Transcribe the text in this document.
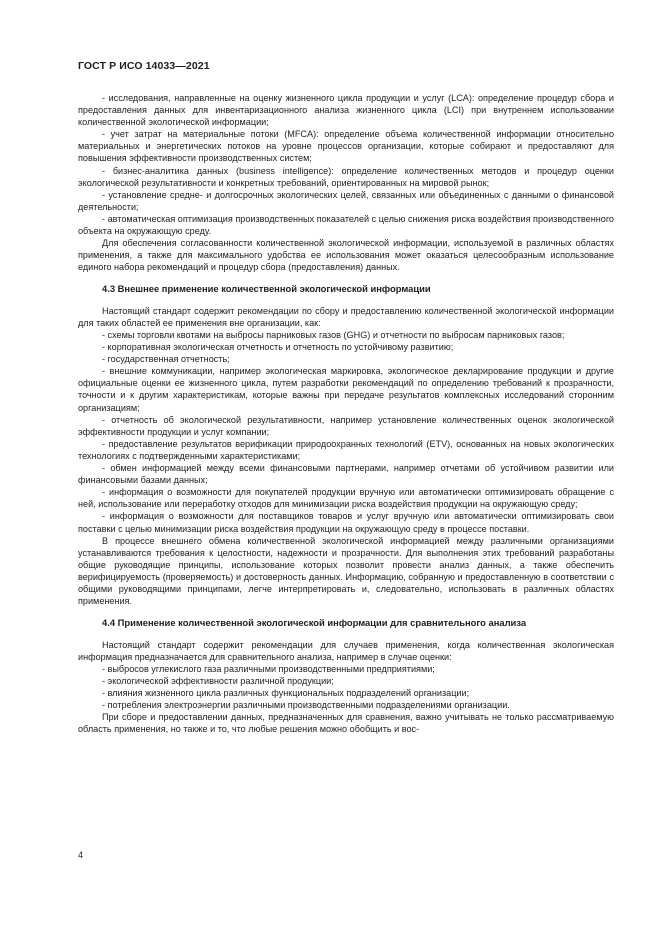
ГОСТ Р ИСО 14033—2021

- исследования, направленные на оценку жизненного цикла продукции и услуг (LCA): определение процедур сбора и предоставления данных для инвентаризационного анализа жизненного цикла (LCI) при внутреннем использовании количественной экологической информации;

- учет затрат на материальные потоки (MFCA): определение объема количественной информации относительно материальных и энергетических потоков на уровне процессов организации, которые собирают и предоставляют для повышения эффективности производственных систем;

- бизнес-аналитика данных (business intelligence): определение количественных методов и процедур оценки экологической результативности и конкретных требований, ориентированных на мировой рынок;

- установление средне- и долгосрочных экологических целей, связанных или объединенных с данными о финансовой деятельности;

- автоматическая оптимизация производственных показателей с целью снижения риска воздействия производственного объекта на окружающую среду.

Для обеспечения согласованности количественной экологической информации, используемой в различных областях применения, а также для максимального удобства ее использования может оказаться целесообразным использование единого набора рекомендаций и процедур сбора (предоставления) данных.

4.3 Внешнее применение количественной экологической информации

Настоящий стандарт содержит рекомендации по сбору и предоставлению количественной экологической информации для таких областей ее применения вне организации, как:

- схемы торговли квотами на выбросы парниковых газов (GHG) и отчетности по выбросам парниковых газов;

- корпоративная экологическая отчетность и отчетность по устойчивому развитию;

- государственная отчетность;

- внешние коммуникации, например экологическая маркировка, экологическое декларирование продукции и другие официальные оценки ее жизненного цикла, путем разработки рекомендаций по определению требований к прозрачности, точности и к другим характеристикам, которые важны при передаче результатов комплексных исследований сторонним организациям;

- отчетность об экологической результативности, например установление количественных оценок экологической эффективности продукции и услуг компании;

- предоставление результатов верификации природоохранных технологий (ETV), основанных на новых экологических технологиях с подтвержденными характеристиками;

- обмен информацией между всеми финансовыми партнерами, например отчетами об устойчивом развитии или финансовыми базами данных;

- информация о возможности для покупателей продукции вручную или автоматически оптимизировать обращение с ней, использование или переработку отходов для минимизации риска воздействия продукции на окружающую среду;

- информация о возможности для поставщиков товаров и услуг вручную или автоматически оптимизировать свои поставки с целью минимизации риска воздействия продукции на окружающую среду в процессе поставки.

В процессе внешнего обмена количественной экологической информацией между различными организациями устанавливаются требования к целостности, надежности и прозрачности. Для выполнения этих требований разработаны общие руководящие принципы, использование которых позволит провести анализ данных, а также обеспечить верифицируемость (проверяемость) и достоверность данных. Информацию, собранную и предоставленную в соответствии с общими руководящими принципами, легче интерпретировать и, следовательно, использовать в различных областях применения.

4.4 Применение количественной экологической информации для сравнительного анализа

Настоящий стандарт содержит рекомендации для случаев применения, когда количественная экологическая информация предназначается для сравнительного анализа, например в случае оценки:

- выбросов углекислого газа различными производственными предприятиями;

- экологической эффективности различной продукции;

- влияния жизненного цикла различных функциональных подразделений организации;

- потребления электроэнергии различными производственными подразделениями организации.

При сборе и предоставлении данных, предназначенных для сравнения, важно учитывать не только рассматриваемую область применения, но также и то, что любые решения можно обобщить и вос-

4
